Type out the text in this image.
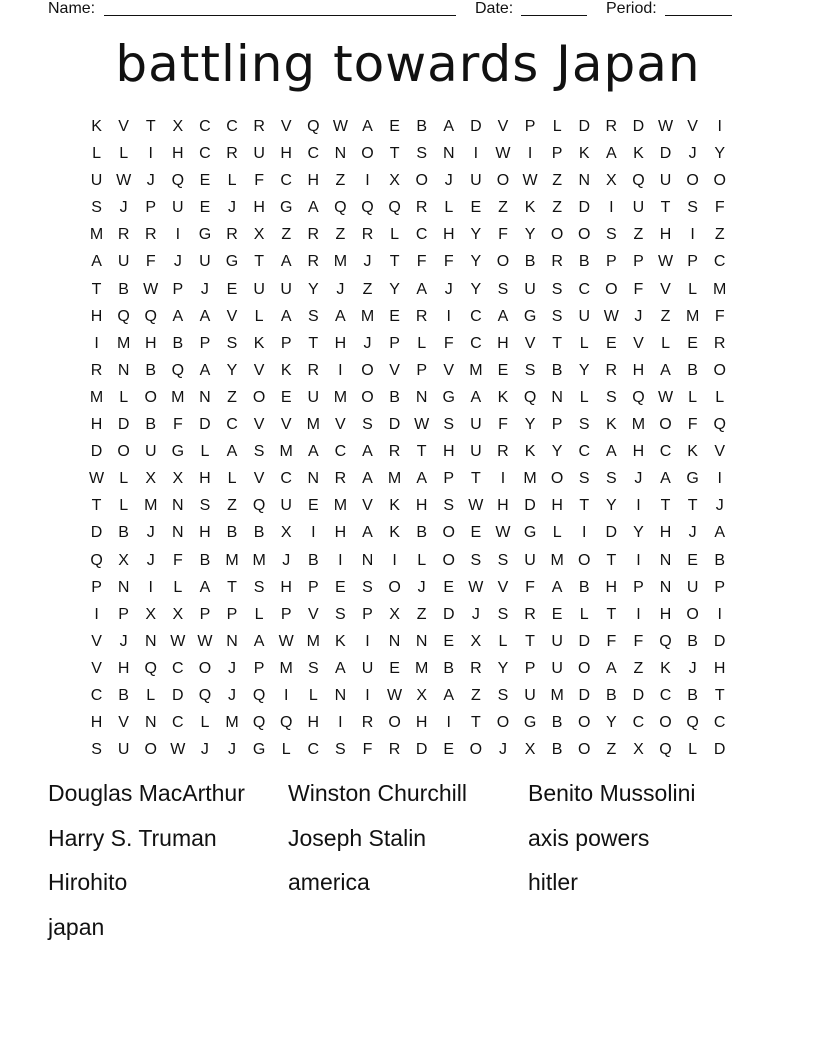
Name:	Date:	Period:
battling towards Japan
K	V	T	X C C R V Q W A	E	B	A D V	P	L	D R D W V	I
L	L	I	H C R U H C N O T	S N	I	W	I	P	K	A	K D	J	Y
U W J	Q E	L	F	C H	Z	I	X O	J	U O W Z	N X Q U O O
S	J	P U E	J	H G A Q Q Q R	L	E	Z	K	Z	D	I	U	T	S	F
M R R	I	G R X	Z	R	Z	R	L	C H Y	F	Y O O S	Z	H	I	Z
A U	F	J	U G T	A R M	J	T	F	F	Y O B R B	P	P W P C
T	B W P	J	E U U Y	J	Z	Y	A	J	Y	S U S C O F	V	L M
H Q Q A	A	V	L	A	S	A M E R	I	C A G S U W J	Z M F
I	M H B	P	S	K	P	T	H	J	P	L	F	C H V	T	L	E	V	L	E R
R N B Q A	Y	V	K R	I	O V	P	V M E	S	B	Y R H A	B O
M L	O M N	Z O E U M O B N G A	K Q N	L	S Q W L	L
H D B	F	D C V	V M V	S D W S U	F	Y	P	S	K M O F Q
D O U G	L	A	S M A C A R	T	H U R K	Y C A H C K	V
W L	X	X H	L	V C N R A M A	P	T	I	M O S	S	J	A G	I
T	L M N S	Z Q U E M V	K H S W H D H	T	Y	I	T	T	J
D B	J	N H B	B	X	I	H A	K	B O E W G	L	I	D Y H	J	A
Q X	J	F	B M M	J	B	I	N	I	L	O S	S U M O T	I	N E	B
P N	I	L	A	T	S H P	E	S O	J	E W V	F	A	B H P N U P
I	P	X	X	P	P	L	P	V	S	P	X	Z	D	J	S R E	L	T	I	H O	I
V	J	N W W N A W M K	I	N N E	X	L	T	U D	F	F Q B D
V H Q C O	J	P M S	A U E M B R Y	P U O A	Z	K	J	H
C B	L	D Q	J	Q	I	L	N	I	W X	A	Z	S U M D B D C B	T
H V N C	L M Q Q H	I	R O H	I	T O G B O Y C O Q C
S U O W J	J	G	L	C S	F	R D E O	J	X	B O Z	X Q	L	D
Douglas MacArthur	Winston Churchill	Benito Mussolini
Harry S. Truman	Joseph Stalin	axis powers
Hirohito	america	hitler
japan
